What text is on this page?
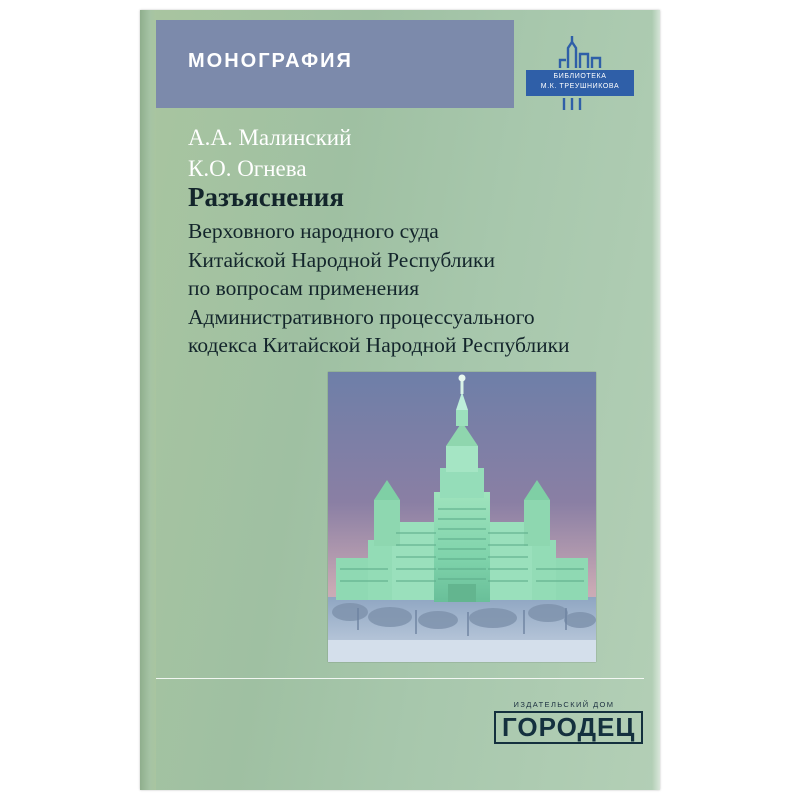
МОНОГРАФИЯ
БИБЛИОТЕКА
М.К. ТРЕУШНИКОВА
А.А. Малинский
К.О. Огнева
Разъяснения
Верховного народного суда
Китайской Народной Республики
по вопросам применения
Административного процессуального
кодекса Китайской Народной Республики
ИЗДАТЕЛЬСКИЙ ДОМ
ГОРОДЕЦ
